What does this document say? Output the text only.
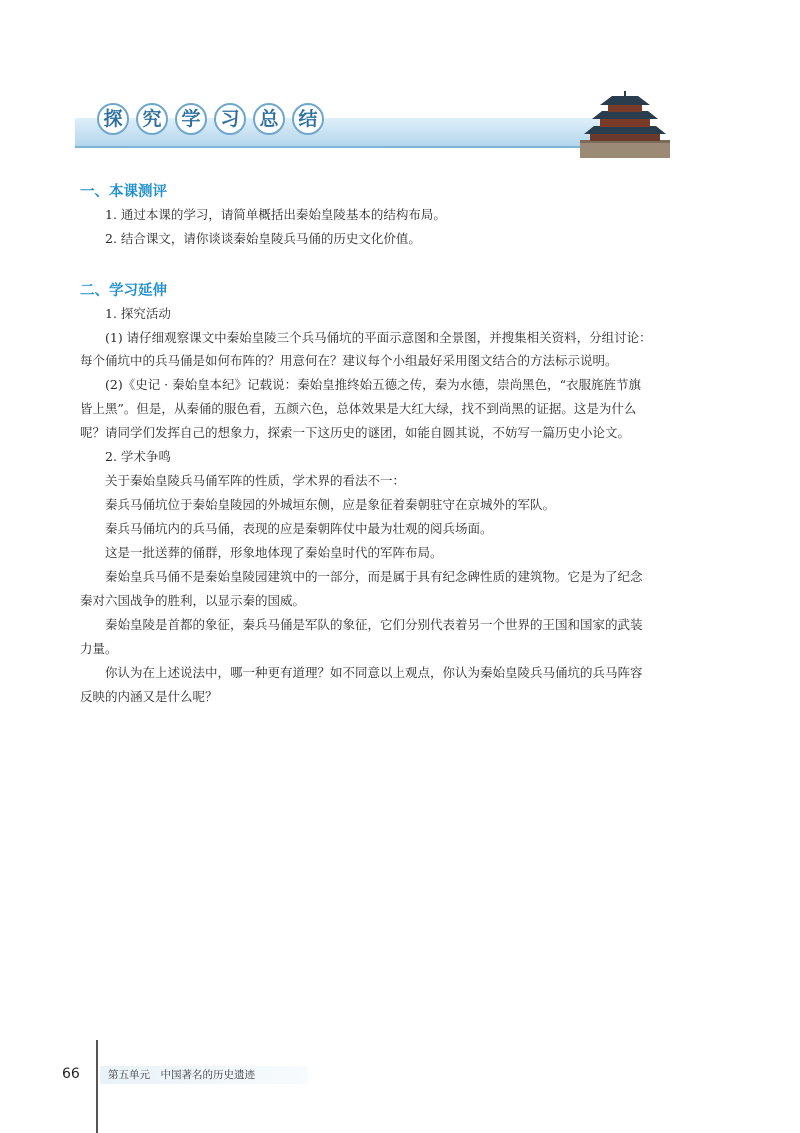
探	究	学	习	总	结
一、本课测评

1. 通过本课的学习，请简单概括出秦始皇陵基本的结构布局。

2. 结合课文，请你谈谈秦始皇陵兵马俑的历史文化价值。

二、学习延伸

1. 探究活动

(1) 请仔细观察课文中秦始皇陵三个兵马俑坑的平面示意图和全景图，并搜集相关资料，分组讨论：

每个俑坑中的兵马俑是如何布阵的？用意何在？建议每个小组最好采用图文结合的方法标示说明。

(2)《史记 · 秦始皇本纪》记载说：秦始皇推终始五德之传，秦为水德，崇尚黑色，“衣服旄旌节旗

皆上黑”。但是，从秦俑的服色看，五颜六色，总体效果是大红大绿，找不到尚黑的证据。这是为什么

呢？请同学们发挥自己的想象力，探索一下这历史的谜团，如能自圆其说，不妨写一篇历史小论文。

2. 学术争鸣

关于秦始皇陵兵马俑军阵的性质，学术界的看法不一：

秦兵马俑坑位于秦始皇陵园的外城垣东侧，应是象征着秦朝驻守在京城外的军队。

秦兵马俑坑内的兵马俑，表现的应是秦朝阵仗中最为壮观的阅兵场面。

这是一批送葬的俑群，形象地体现了秦始皇时代的军阵布局。

秦始皇兵马俑不是秦始皇陵园建筑中的一部分，而是属于具有纪念碑性质的建筑物。它是为了纪念

秦对六国战争的胜利，以显示秦的国威。

秦始皇陵是首都的象征，秦兵马俑是军队的象征，它们分别代表着另一个世界的王国和国家的武装

力量。

你认为在上述说法中，哪一种更有道理？如不同意以上观点，你认为秦始皇陵兵马俑坑的兵马阵容

反映的内涵又是什么呢？

66	第五单元　中国著名的历史遗迹
